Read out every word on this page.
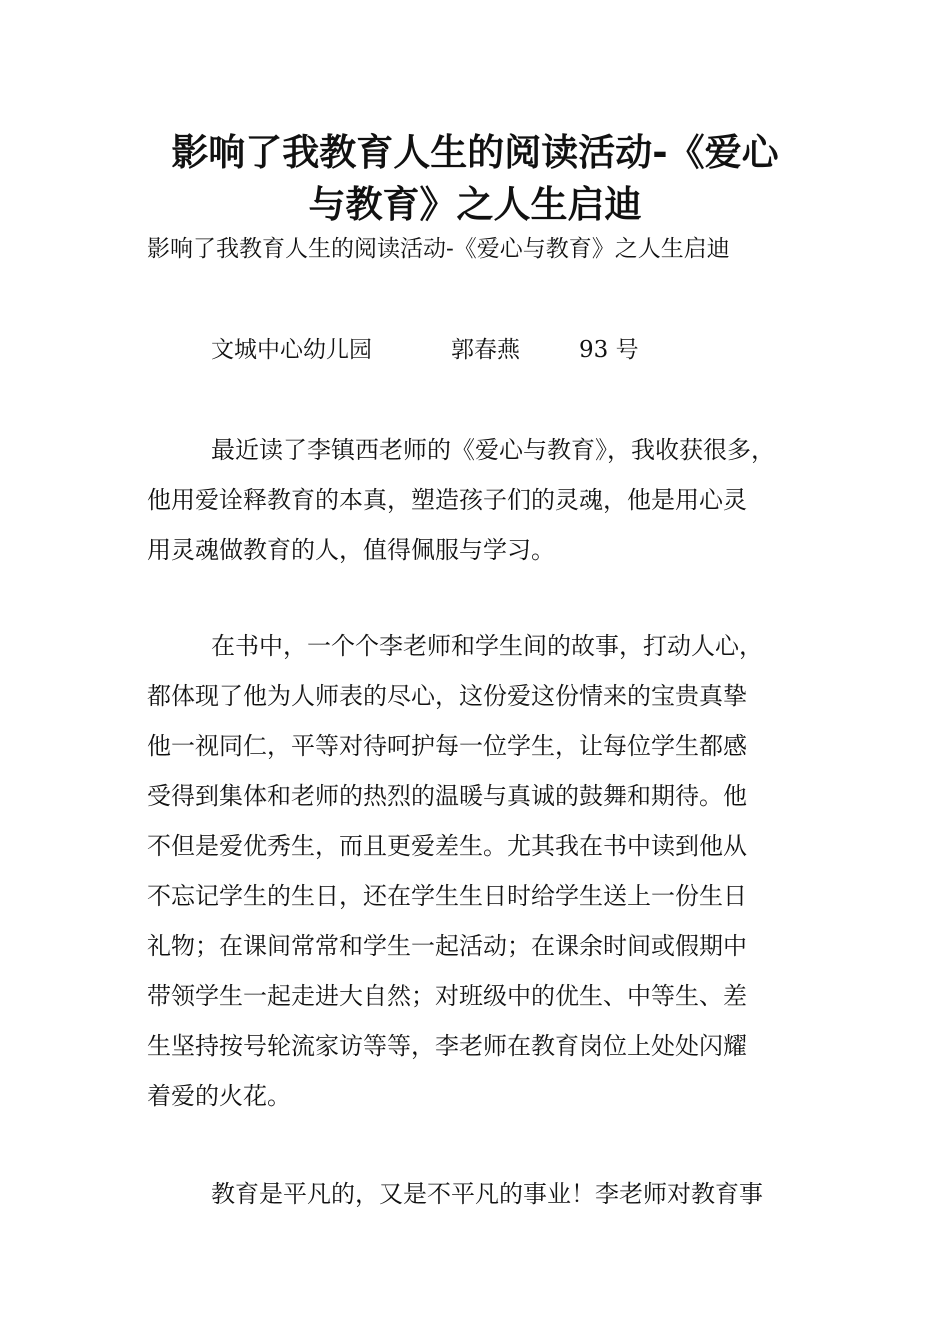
影响了我教育人生的阅读活动-《爱心
与教育》之人生启迪

影响了我教育人生的阅读活动-《爱心与教育》之人生启迪

文城中心幼儿园	郭春燕	93 号
最近读了李镇西老师的《爱心与教育》，我收获很多，
他用爱诠释教育的本真，塑造孩子们的灵魂，他是用心灵
用灵魂做教育的人，值得佩服与学习。
在书中，一个个李老师和学生间的故事，打动人心，
都体现了他为人师表的尽心，这份爱这份情来的宝贵真挚
他一视同仁，平等对待呵护每一位学生，让每位学生都感
受得到集体和老师的热烈的温暖与真诚的鼓舞和期待。他
不但是爱优秀生，而且更爱差生。尤其我在书中读到他从
不忘记学生的生日，还在学生生日时给学生送上一份生日
礼物；在课间常常和学生一起活动；在课余时间或假期中
带领学生一起走进大自然；对班级中的优生、中等生、差
生坚持按号轮流家访等等，李老师在教育岗位上处处闪耀
着爱的火花。
教育是平凡的，又是不平凡的事业！李老师对教育事
